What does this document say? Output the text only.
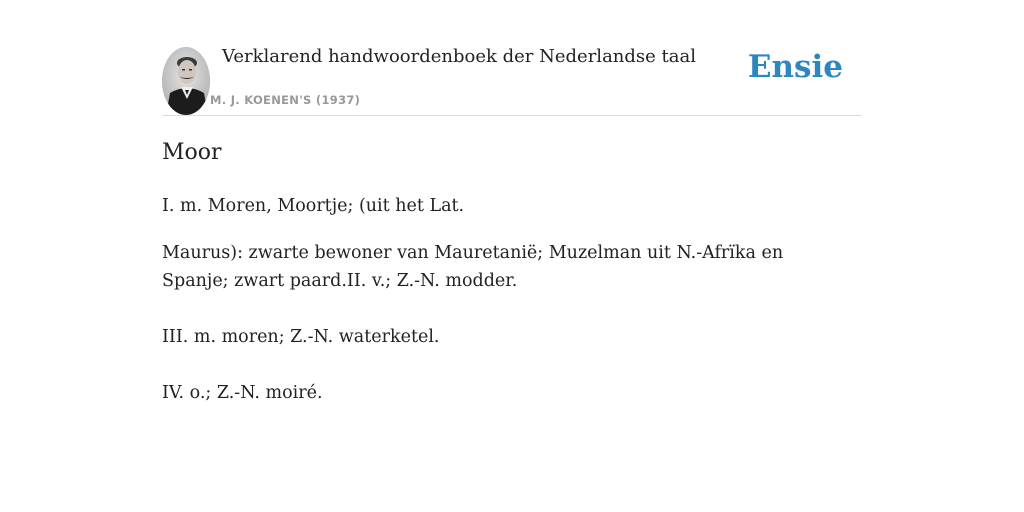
Verklarend handwoordenboek der Nederlandse taal
M. J. KOENEN'S (1937)
Ensie
Moor

I. m. Moren, Moortje; (uit het Lat.

Maurus): zwarte bewoner van Mauretanië; Muzelman uit N.-Afrïka en Spanje; zwart paard.II. v.; Z.-N. modder.

III. m. moren; Z.-N. waterketel.

IV. o.; Z.-N. moiré.
